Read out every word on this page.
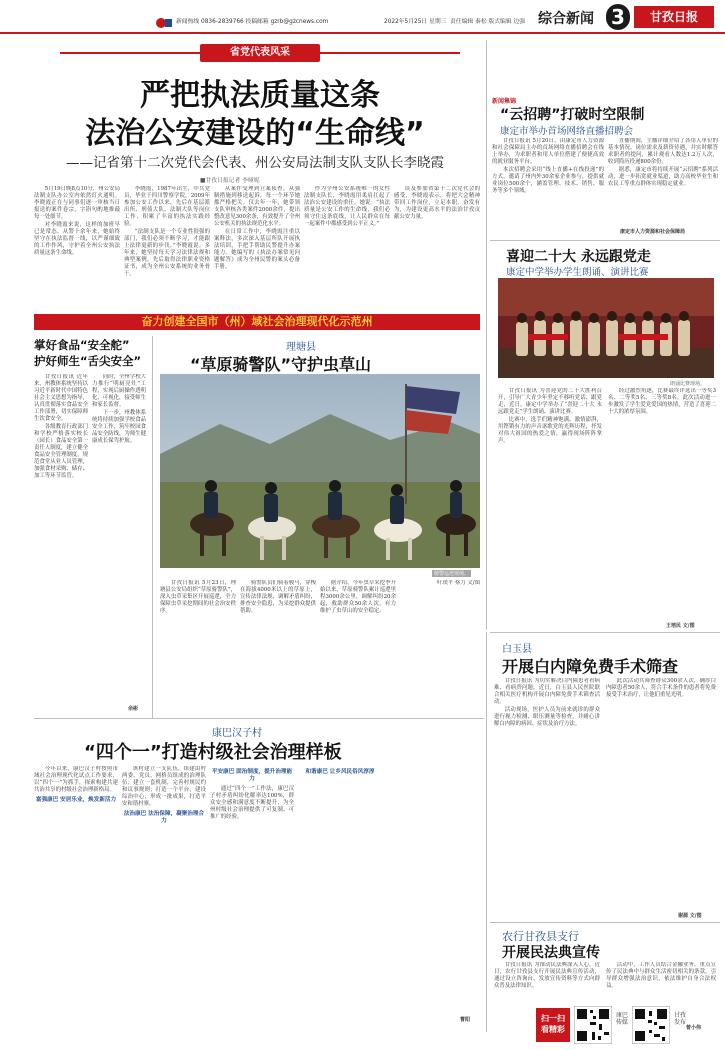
新闻热线 0836-2839766 投稿邮箱 gzrb@gzcnews.com	2022年5月25日 星期三 责任编辑 秦松 版式编辑 边强 综合新闻 3	甘孜日报
省党代表风采
严把执法质量这条
法治公安建设的“生命线”
——记省第十二次党代会代表、州公安局法制支队支队长李晓霞
■甘孜日报记者 李娅妮

5月19日晚8点10分，州公安局法制支队办公室内依然灯火通明。李晓霞正在与同事们逐一审核当日报送的案件卷宗，字斟句酌地推敲每一处细节。

对李晓霞来说，这样的加班早已是常态。从警十余年来，她始终坚守在执法监督一线，以严谨细致的工作作风，守护着全州公安执法质量这条生命线。

李晓霞，1987年出生，中共党员，毕业于四川警察学院。2009年参加公安工作以来，先后在基层派出所、刑侦大队、法制大队等岗位工作，积累了丰富的执法实践经验。

“法制支队是一个专业性很强的部门，我们必须不断学习，才能跟上法律更新的步伐。”李晓霞说。多年来，她坚持每天学习法律法规和典型案例，先后取得法律职业资格证书，成为全州公安系统的业务骨干。

从案件受理到立案侦查，从强制措施到移送起诉，每一个环节她都严格把关。仅去年一年，她带领支队审核各类案件2000余件，提出整改意见300余条，有效提升了全州公安机关的执法规范化水平。

在日常工作中，李晓霞注重以案释法，多次深入基层所队开展执法培训，手把手帮助民警提升办案能力。她编写的《执法办案常见问题解答》成为全州民警的案头必备手册。

作为全州公安系统唯一的女性法制支队长，李晓霞用柔肩扛起了法治公安建设的重任。她说：“执法质量是公安工作的生命线，我们必须守住这条底线，让人民群众在每一起案件中都感受到公平正义。”

谈及参加省第十二次党代会的感受，李晓霞表示，将把大会精神带回工作岗位，立足本职，奋发有为，为建设更高水平的法治甘孜贡献公安力量。

新闻集锦
“云招聘”打破时空限制
康定市举办首场网络直播招聘会

甘孜日报讯 5月20日，由康定市人力资源和社会保障局主办的首场网络直播招聘会在线上举办，为求职者和用人单位搭建了便捷高效的就业服务平台。

本次招聘会采用“线上直播+在线投递”的方式，邀请了州内外30余家企业参与，提供就业岗位500余个，涵盖管理、技术、销售、服务等多个领域。

直播期间，主播详细介绍了各用人单位的基本情况、岗位需求及薪资待遇，并实时解答求职者的提问，累计观看人数达1.2万人次，收到简历投递800余份。

据悉，康定市将持续开展“云招聘”系列活动，进一步拓宽就业渠道，助力高校毕业生和农民工等重点群体实现稳定就业。

康定市人力资源和社会保障局
喜迎二十大 永远跟党走
康定中学举办学生朗诵、演讲比赛
朗诵比赛现场。

甘孜日报讯 为喜迎党的二十大胜利召开，引导广大青少年坚定不移听党话、跟党走，近日，康定中学举办了“喜迎二十大 永远跟党走”学生朗诵、演讲比赛。

比赛中，选手们精神饱满、激情澎湃，用铿锵有力的声音讴歌党的光辉历程，抒发对伟大祖国的热爱之情，赢得现场阵阵掌声。

经过激烈角逐，比赛最终评选出一等奖3名、二等奖5名、三等奖8名。此次活动进一步激发了学生爱党爱国的热情，营造了喜迎二十大的浓厚氛围。

王培民 文/图
奋力创建全国市（州）域社会治理现代化示范州
掌好食品“安全舵”
护好师生“舌尖安全”

甘孜日报讯 近年来，州教体系统坚持以习近平新时代中国特色社会主义思想为指导，认真贯彻落实食品安全工作部署，切实保障师生饮食安全。

各级教育行政部门和学校严格落实校长（园长）食品安全第一责任人制度，建立健全食品安全管理制度，规范食堂从业人员管理，加强食材采购、储存、加工等环节监管。

同时，全州学校大力推行“明厨亮灶”工程，实现后厨操作透明化、可视化，接受师生和家长监督。

下一步，州教体系统将持续加强学校食品安全工作，筑牢校园食品安全防线，为师生健康成长保驾护航。

余彬
理塘县
“草原骑警队”守护虫草山
骑警巡逻现场。

甘孜日报讯 5月23日，理塘县公安局组织“草原骑警队”，深入虫草采集区开展巡逻，全力保障虫草采挖期间的社会治安秩序。

骑警队员们骑着骏马，穿梭在海拔4000米以上的草原上，宣传法律法规，调解矛盾纠纷，排查安全隐患，为采挖群众提供帮助。

据介绍，今年虫草采挖季开始以来，草原骑警队累计巡逻里程3000余公里，调解纠纷20余起，救助群众50余人次，有力维护了虫草山的安全稳定。

叶璞平 蔡力 文/图

白玉县
开展白内障免费手术筛查

甘孜日报讯 为切实解决白内障患者看病难、看病贵问题，近日，白玉县人民医院联合相关医疗机构开展白内障免费手术筛查活动。

活动现场，医护人员为前来就诊的群众进行视力检测、眼压测量等检查，并耐心讲解白内障的病因、症状及治疗方法。

此次活动共筛查群众300余人次，确诊白内障患者50余人，符合手术条件的患者将免费接受手术治疗，让他们重见光明。

谢源 文/图
康巴汉子村
“四个一”打造村级社会治理样板

今年以来，康巴汉子村按照市域社会治理现代化试点工作要求，以“四个一”为抓手，探索构建共建共治共享的村级社会治理新格局。

富强康巴 安居乐业，焕发新活力

该村建立一支队伍，组建由村两委、党员、网格员组成的治理队伍；建立一套机制，完善村规民约和议事规则；打造一个平台，建设综治中心；形成一批成果，打造平安和谐村寨。

法治康巴 法治保障，凝聚治理合力
平安康巴 固治制度，提升治理能力

通过“四个一”工作法，康巴汉子村矛盾纠纷化解率达100%，群众安全感和满意度不断提升，为全州村级社会治理提供了可复制、可推广的经验。

和谐康巴 让乡风民俗风淳淳
曹阳
农行甘孜县支行
开展民法典宣传

甘孜日报讯 为推动民法典深入人心，近日，农行甘孜县支行开展民法典宣传活动，通过设立咨询台、发放宣传资料等方式向群众普及法律知识。

活动中，工作人员结合金融业务，重点宣传了民法典中与群众生活密切相关的条款，引导群众增强法治意识，依法维护自身合法权益。

曾小伟
扫一扫 看精彩
康巴传媒
甘孜发布
